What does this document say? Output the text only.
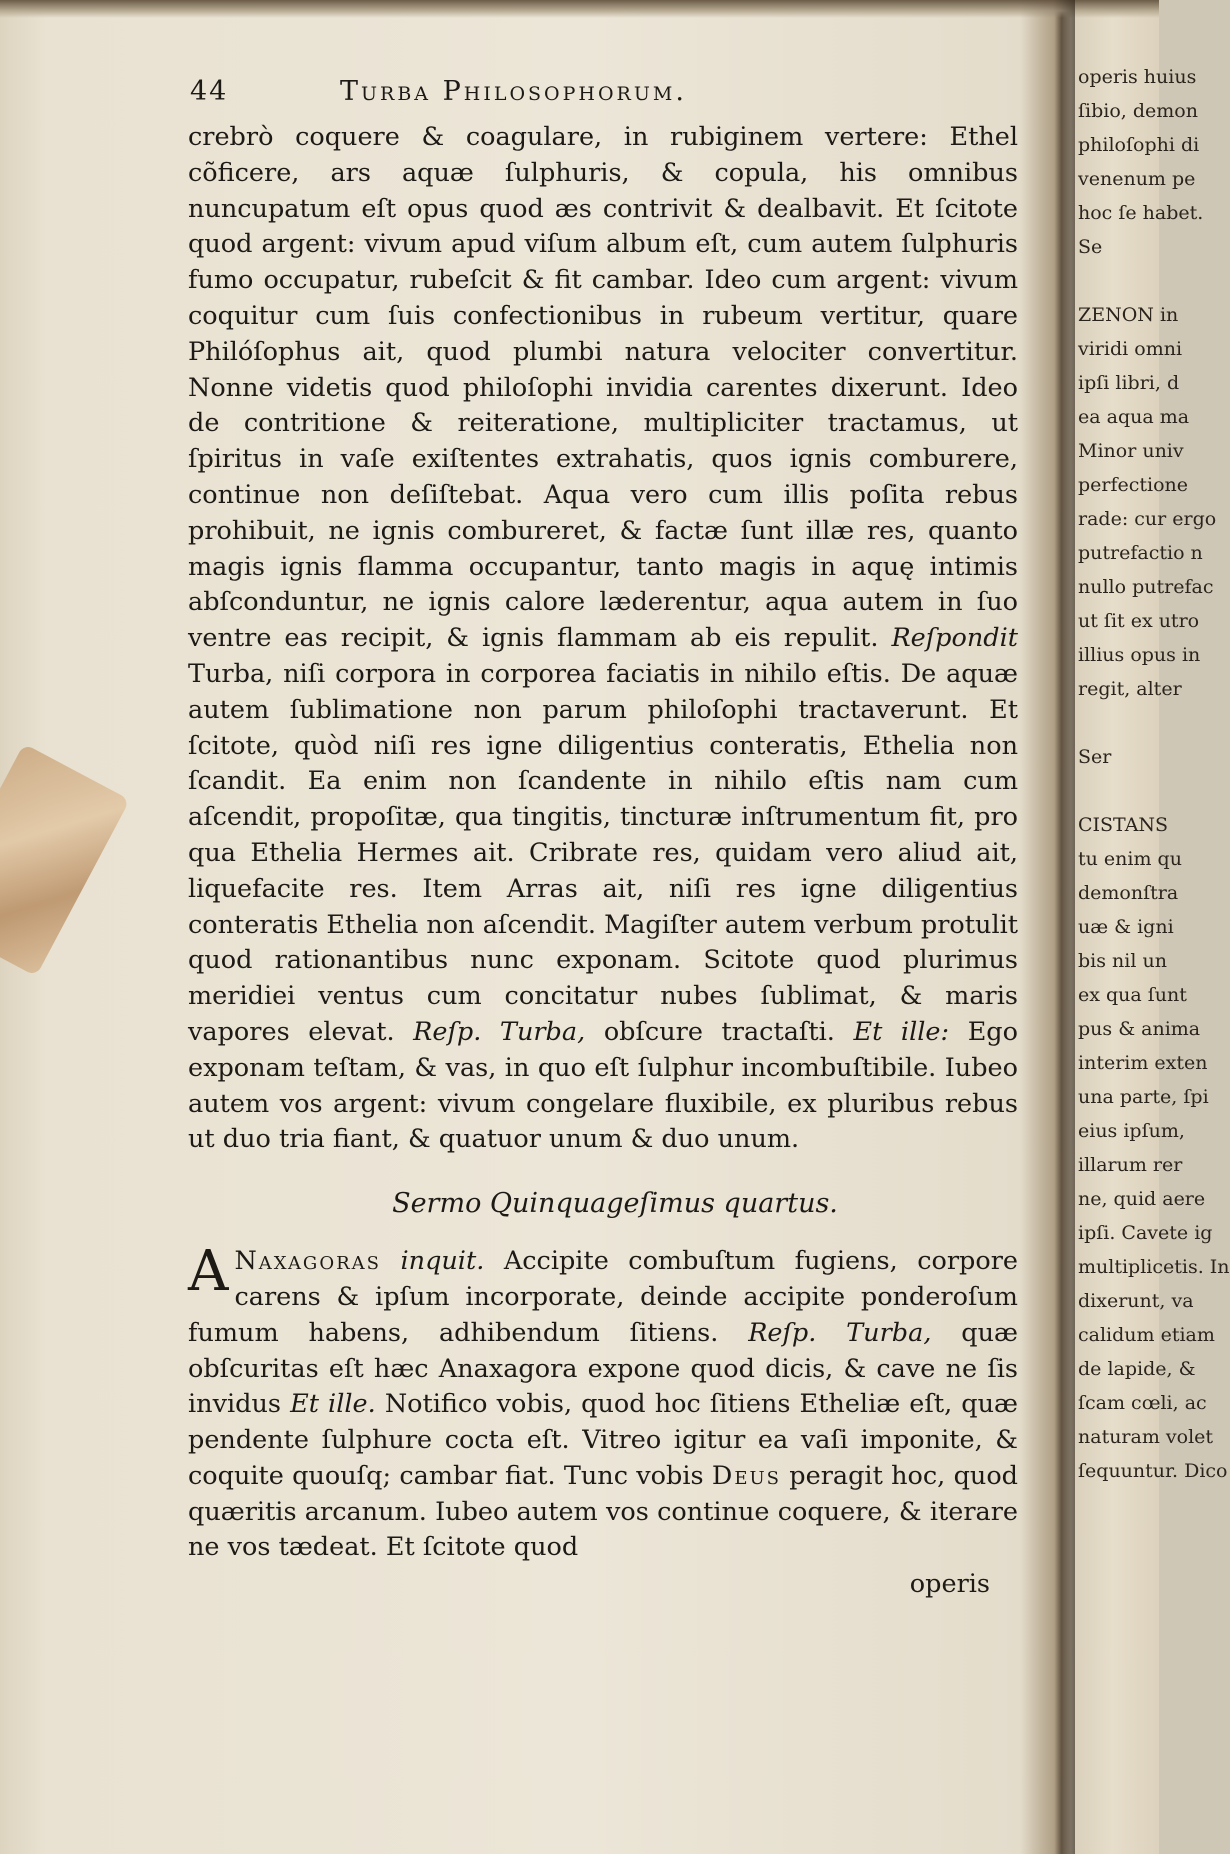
44	Turba Philosophorum.

crebrò coquere & coagulare, in rubiginem vertere: Ethel cõficere, ars aquæ ſulphuris, & copula, his omnibus nuncupatum eſt opus quod æs contrivit & dealbavit. Et ſcitote quod argent: vivum apud viſum album eſt, cum autem ſulphuris fumo occupatur, rubeſcit & fit cambar. Ideo cum argent: vivum coquitur cum ſuis confectionibus in rubeum vertitur, quare Philóſophus ait, quod plumbi natura velociter convertitur. Nonne videtis quod philoſophi invidia carentes dixerunt. Ideo de contritione & reiteratione, multipliciter tractamus, ut ſpiritus in vaſe exiſtentes extrahatis, quos ignis comburere, continue non deſiſtebat. Aqua vero cum illis poſita rebus prohibuit, ne ignis combureret, & factæ ſunt illæ res, quanto magis ignis flamma occupantur, tanto magis in aquę intimis abſconduntur, ne ignis calore læderentur, aqua autem in ſuo ventre eas recipit, & ignis flammam ab eis repulit. Reſpondit Turba, niſi corpora in corporea faciatis in nihilo eſtis. De aquæ autem ſublimatione non parum philoſophi tractaverunt. Et ſcitote, quòd niſi res igne diligentius conteratis, Ethelia non ſcandit. Ea enim non ſcandente in nihilo eſtis nam cum aſcendit, propoſitæ, qua tingitis, tincturæ inſtrumentum fit, pro qua Ethelia Hermes ait. Cribrate res, quidam vero aliud ait, liquefacite res. Item Arras ait, niſi res igne diligentius conteratis Ethelia non aſcendit. Magiſter autem verbum protulit quod rationantibus nunc exponam. Scitote quod plurimus meridiei ventus cum concitatur nubes ſublimat, & maris vapores elevat. Reſp. Turba, obſcure tractaſti. Et ille: Ego exponam teſtam, & vas, in quo eſt ſulphur incombuſtibile. Iubeo autem vos argent: vivum congelare fluxibile, ex pluribus rebus ut duo tria fiant, & quatuor unum & duo unum.

Sermo Quinquageſimus quartus.

A Naxagoras inquit. Accipite combuſtum fugiens, corpore carens & ipſum incorporate, deinde accipite ponderoſum fumum habens, adhibendum ſitiens. Reſp. Turba, quæ obſcuritas eſt hæc Anaxagora expone quod dicis, & cave ne ſis invidus Et ille. Notifico vobis, quod hoc ſitiens Etheliæ eſt, quæ pendente ſulphure cocta eſt. Vitreo igitur ea vaſi imponite, & coquite quouſq; cambar fiat. Tunc vobis Deus peragit hoc, quod quæritis arcanum. Iubeo autem vos continue coquere, & iterare ne vos tædeat. Et ſcitote quod

operis
operis huius
ſibio, demon
philoſophi di
venenum pe
hoc ſe habet.
Se
ZENON in
viridi omni
ipſi libri, d
ea aqua ma
Minor univ
perfectione
rade: cur ergo
putrefactio n
nullo putrefac
ut ſit ex utro
illius opus in
regit, alter
Ser
CISTANS
tu enim qu
demonſtra
uæ & igni
bis nil un
ex qua ſunt
pus & anima
interim exten
una parte, ſpi
eius ipſum,
illarum rer
ne, quid aere
ipſi. Cavete ig
multiplicetis. In
dixerunt, va
calidum etiam
de lapide, &
ſcam cœli, ac
naturam volet
ſequuntur. Dico
